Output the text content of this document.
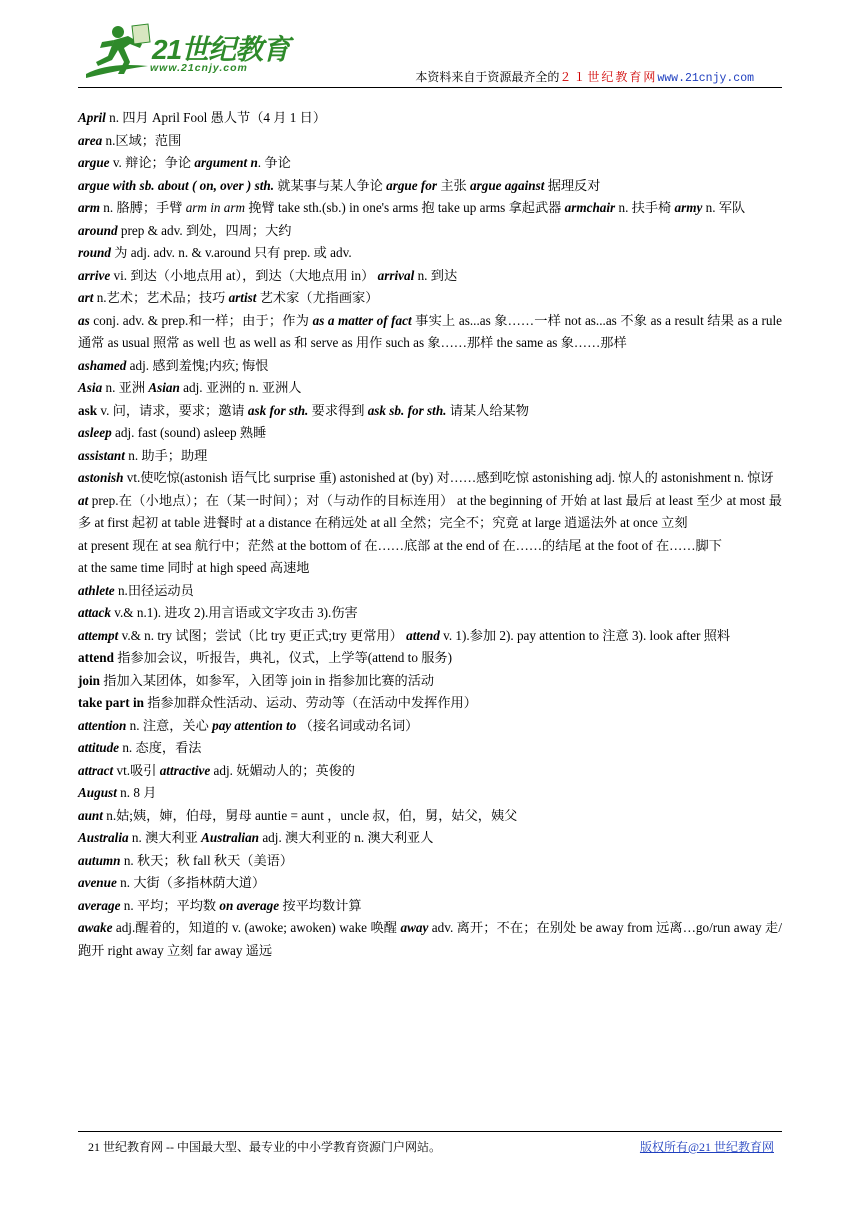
21世纪教育
www.21cnjy.com
本资料来自于资源最齐全的２１世纪教育网www.21cnjy.com

April n. 四月 April Fool 愚人节（4 月 1 日）

area n.区域；范围

argue v. 辩论；争论 argument n. 争论

argue with sb. about ( on, over ) sth. 就某事与某人争论 argue for 主张 argue against 据理反对

arm n. 胳膊；手臂 arm in arm 挽臂 take sth.(sb.) in one's arms 抱 take up arms 拿起武器 armchair n. 扶手椅 army n. 军队

around prep & adv. 到处，四周；大约

round 为 adj. adv. n. & v.around 只有 prep. 或 adv.

arrive vi. 到达（小地点用 at），到达（大地点用 in） arrival n. 到达

art n.艺术；艺术品；技巧 artist 艺术家（尤指画家）

as conj. adv. & prep.和一样；由于；作为 as a matter of fact 事实上 as...as 象……一样 not as...as 不象 as a result 结果 as a rule 通常 as usual 照常 as well 也 as well as 和 serve as 用作 such as 象……那样 the same as 象……那样

ashamed adj. 感到羞愧;内疚; 悔恨

Asia n. 亚洲 Asian adj. 亚洲的 n. 亚洲人

ask v. 问，请求，要求；邀请 ask for sth. 要求得到 ask sb. for sth. 请某人给某物

asleep adj. fast (sound) asleep 熟睡

assistant n. 助手；助理

astonish vt.使吃惊(astonish 语气比 surprise 重) astonished at (by) 对……感到吃惊 astonishing adj. 惊人的 astonishment n. 惊讶

at prep.在（小地点）；在（某一时间）；对（与动作的目标连用） at the beginning of 开始 at last 最后 at least 至少 at most 最多 at first 起初 at table 进餐时 at a distance 在稍远处 at all 全然；完全不；究竟 at large 逍遥法外 at once 立刻

at present 现在 at sea 航行中；茫然 at the bottom of 在……底部 at the end of 在……的结尾 at the foot of 在……脚下

at the same time 同时 at high speed 高速地

athlete n.田径运动员

attack v.& n.1). 进攻 2).用言语或文字攻击 3).伤害

attempt v.& n. try 试图；尝试（比 try 更正式;try 更常用） attend v. 1).参加 2). pay attention to 注意 3). look after 照料

attend 指参加会议，听报告，典礼，仪式，上学等(attend to 服务)

join 指加入某团体，如参军，入团等 join in 指参加比赛的活动

take part in 指参加群众性活动、运动、劳动等（在活动中发挥作用）

attention n. 注意，关心 pay attention to （接名词或动名词）

attitude n. 态度，看法

attract vt.吸引 attractive adj. 妩媚动人的；英俊的

August n. 8 月

aunt n.姑;姨，婶，伯母，舅母 auntie = aunt ，uncle 叔，伯，舅，姑父，姨父

Australia n. 澳大利亚 Australian adj. 澳大利亚的 n. 澳大利亚人

autumn n. 秋天；秋 fall 秋天（美语）

avenue n. 大街（多指林荫大道）

average n. 平均；平均数 on average 按平均数计算

awake adj.醒着的，知道的 v. (awoke; awoken) wake 唤醒 away adv. 离开；不在；在别处 be away from 远离…go/run away 走/跑开 right away 立刻 far away 遥远

21 世纪教育网 -- 中国最大型、最专业的中小学教育资源门户网站。	版权所有@21 世纪教育网
